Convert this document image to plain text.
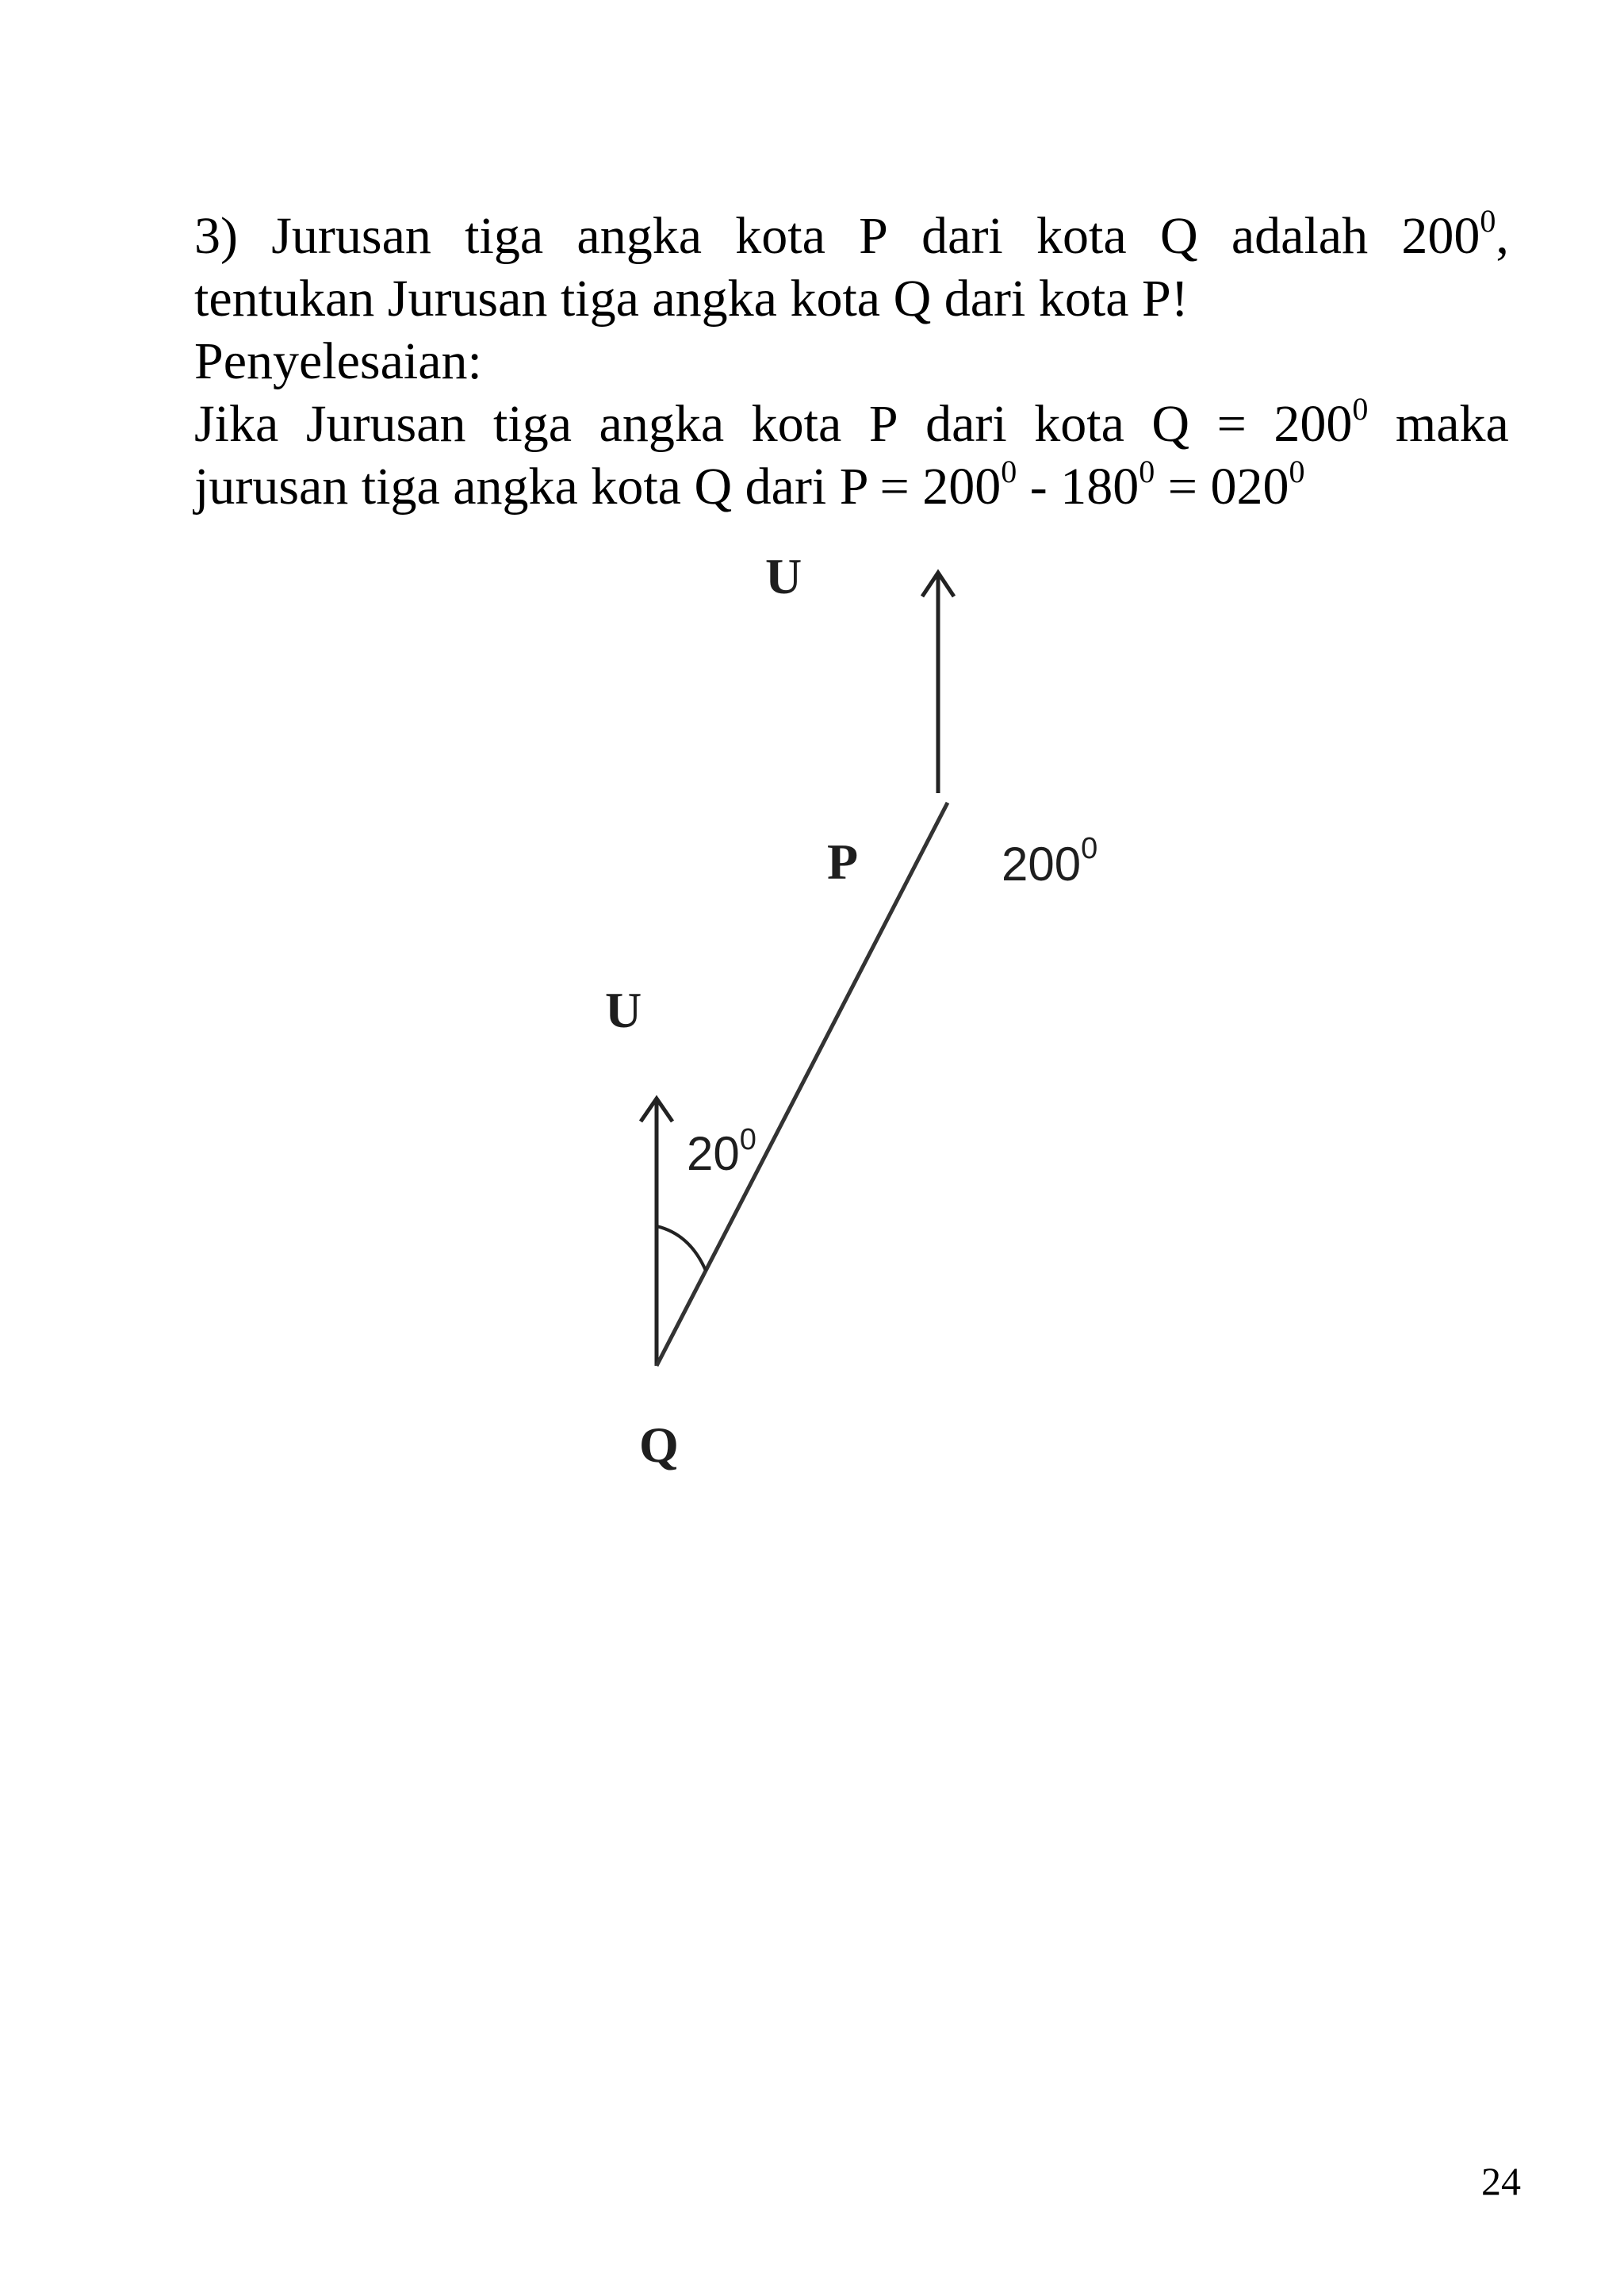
3) Jurusan tiga angka kota P dari kota Q adalah $200^0$,
tentukan Jurusan tiga angka kota Q dari kota P!
Penyelesaian:
Jika Jurusan tiga angka kota P dari kota $Q = 200^0$ maka
jurusan tiga angka kota Q dari $P = 200^0 - 180^0 = 020^0$
U
U
P
Q
$200^0$
$20^0$
24
